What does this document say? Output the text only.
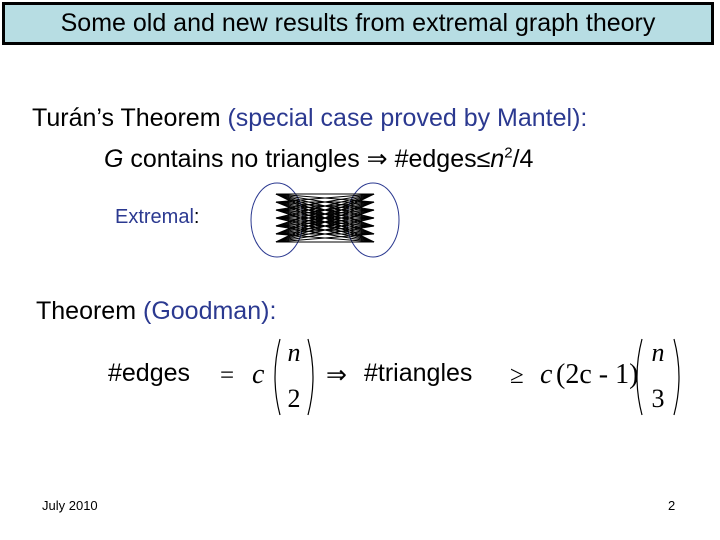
Some old and new results from extremal graph theory
Turán’s Theorem (special case proved by Mantel):
G contains no triangles ⇒ $\#edges\le n^2/4$
Extremal:
Theorem (Goodman):
#edges = c
n
2
⇒ #triangles ≥ c (2c - 1)
n
3
July 2010	2
